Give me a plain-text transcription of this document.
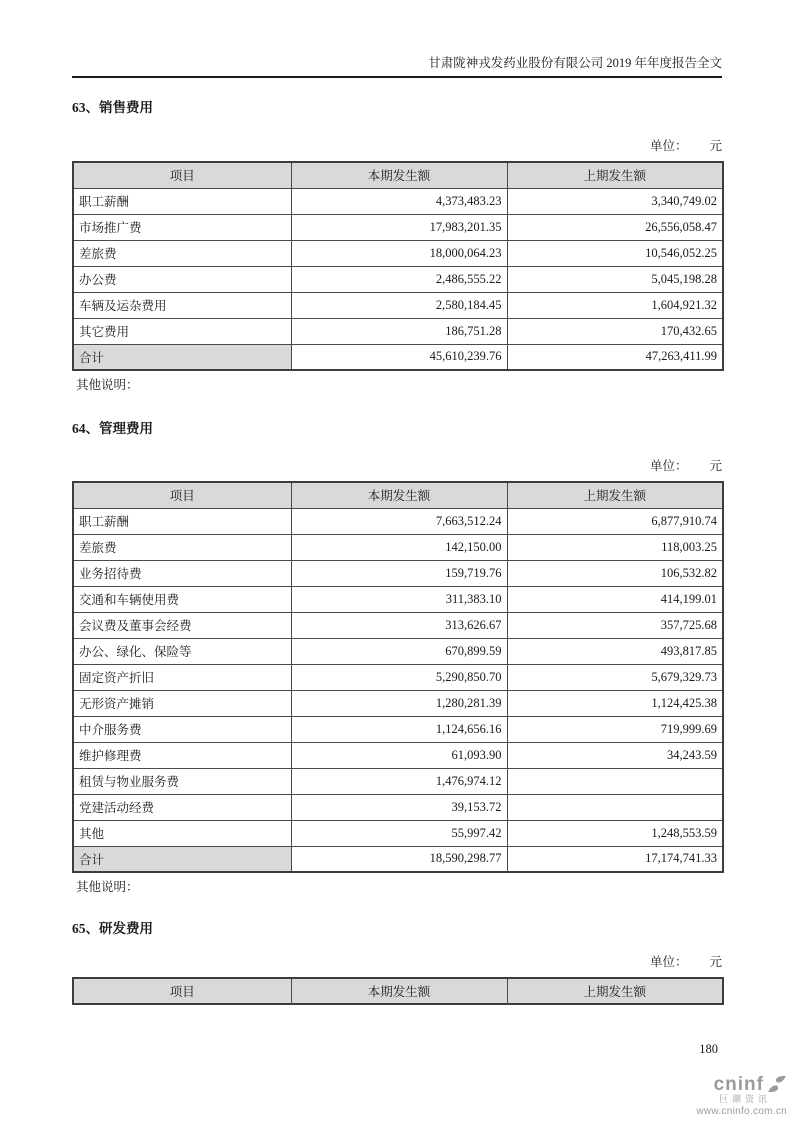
甘肃陇神戎发药业股份有限公司 2019 年年度报告全文
63、销售费用
单位： 元
项目	本期发生额	上期发生额
职工薪酬	4,373,483.23	3,340,749.02
市场推广费	17,983,201.35	26,556,058.47
差旅费	18,000,064.23	10,546,052.25
办公费	2,486,555.22	5,045,198.28
车辆及运杂费用	2,580,184.45	1,604,921.32
其它费用	186,751.28	170,432.65
合计	45,610,239.76	47,263,411.99
其他说明：
64、管理费用
单位： 元
项目	本期发生额	上期发生额
职工薪酬	7,663,512.24	6,877,910.74
差旅费	142,150.00	118,003.25
业务招待费	159,719.76	106,532.82
交通和车辆使用费	311,383.10	414,199.01
会议费及董事会经费	313,626.67	357,725.68
办公、绿化、保险等	670,899.59	493,817.85
固定资产折旧	5,290,850.70	5,679,329.73
无形资产摊销	1,280,281.39	1,124,425.38
中介服务费	1,124,656.16	719,999.69
维护修理费	61,093.90	34,243.59
租赁与物业服务费	1,476,974.12	
党建活动经费	39,153.72	
其他	55,997.42	1,248,553.59
合计	18,590,298.77	17,174,741.33
其他说明：
65、研发费用
单位： 元
项目	本期发生额	上期发生额
180
cninf
巨潮资讯
www.cninfo.com.cn
